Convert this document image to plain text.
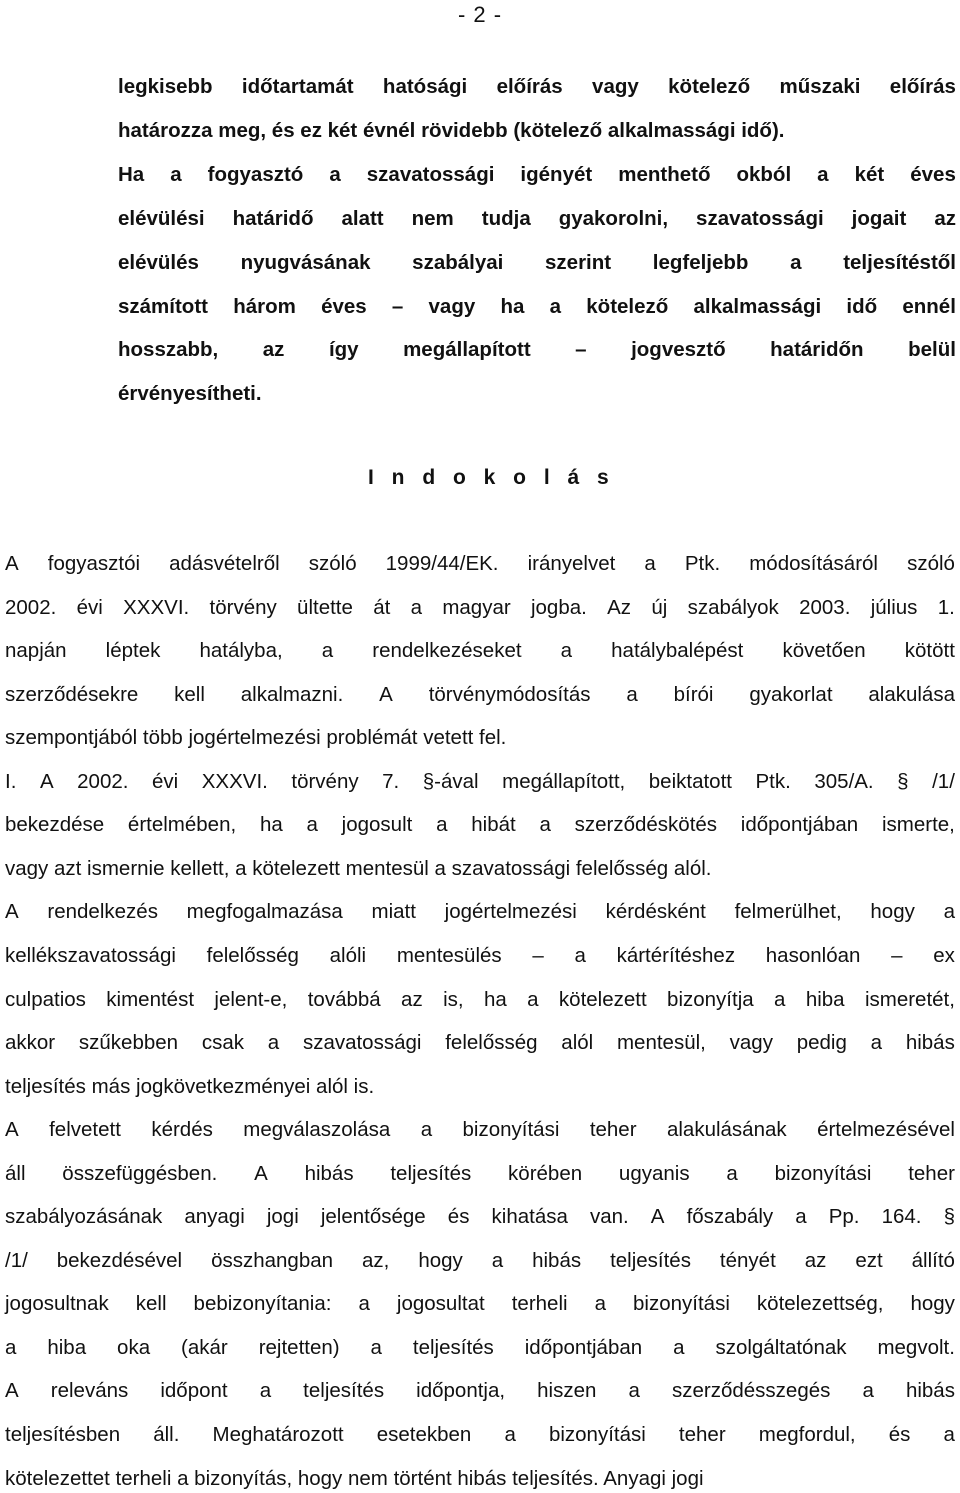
- 2 -
legkisebb időtartamát hatósági előírás vagy kötelező műszaki előírás
határozza meg, és ez két évnél rövidebb (kötelező alkalmassági idő).
Ha a fogyasztó a szavatossági igényét menthető okból a két éves
elévülési határidő alatt nem tudja gyakorolni, szavatossági jogait az
elévülés nyugvásának szabályai szerint legfeljebb a teljesítéstől
számított három éves – vagy ha a kötelező alkalmassági idő ennél
hosszabb, az így megállapított – jogvesztő határidőn belül
érvényesítheti.
I n d o k o l á s
A fogyasztói adásvételről szóló 1999/44/EK. irányelvet a Ptk. módosításáról szóló
2002. évi XXXVI. törvény ültette át a magyar jogba. Az új szabályok 2003. július 1.
napján léptek hatályba, a rendelkezéseket a hatálybalépést követően kötött
szerződésekre kell alkalmazni. A törvénymódosítás a bírói gyakorlat alakulása
szempontjából több jogértelmezési problémát vetett fel.
I. A 2002. évi XXXVI. törvény 7. §-ával megállapított, beiktatott Ptk. 305/A. § /1/
bekezdése értelmében, ha a jogosult a hibát a szerződéskötés időpontjában ismerte,
vagy azt ismernie kellett, a kötelezett mentesül a szavatossági felelősség alól.
A rendelkezés megfogalmazása miatt jogértelmezési kérdésként felmerülhet, hogy a
kellékszavatossági felelősség alóli mentesülés – a kártérítéshez hasonlóan – ex
culpatios kimentést jelent-e, továbbá az is, ha a kötelezett bizonyítja a hiba ismeretét,
akkor szűkebben csak a szavatossági felelősség alól mentesül, vagy pedig a hibás
teljesítés más jogkövetkezményei alól is.
A felvetett kérdés megválaszolása a bizonyítási teher alakulásának értelmezésével
áll összefüggésben. A hibás teljesítés körében ugyanis a bizonyítási teher
szabályozásának anyagi jogi jelentősége és kihatása van. A főszabály a Pp. 164. §
/1/ bekezdésével összhangban az, hogy a hibás teljesítés tényét az ezt állító
jogosultnak kell bebizonyítania: a jogosultat terheli a bizonyítási kötelezettség, hogy
a hiba oka (akár rejtetten) a teljesítés időpontjában a szolgáltatónak megvolt.
A releváns időpont a teljesítés időpontja, hiszen a szerződésszegés a hibás
teljesítésben áll. Meghatározott esetekben a bizonyítási teher megfordul, és a
kötelezettet terheli a bizonyítás, hogy nem történt hibás teljesítés. Anyagi jogi
